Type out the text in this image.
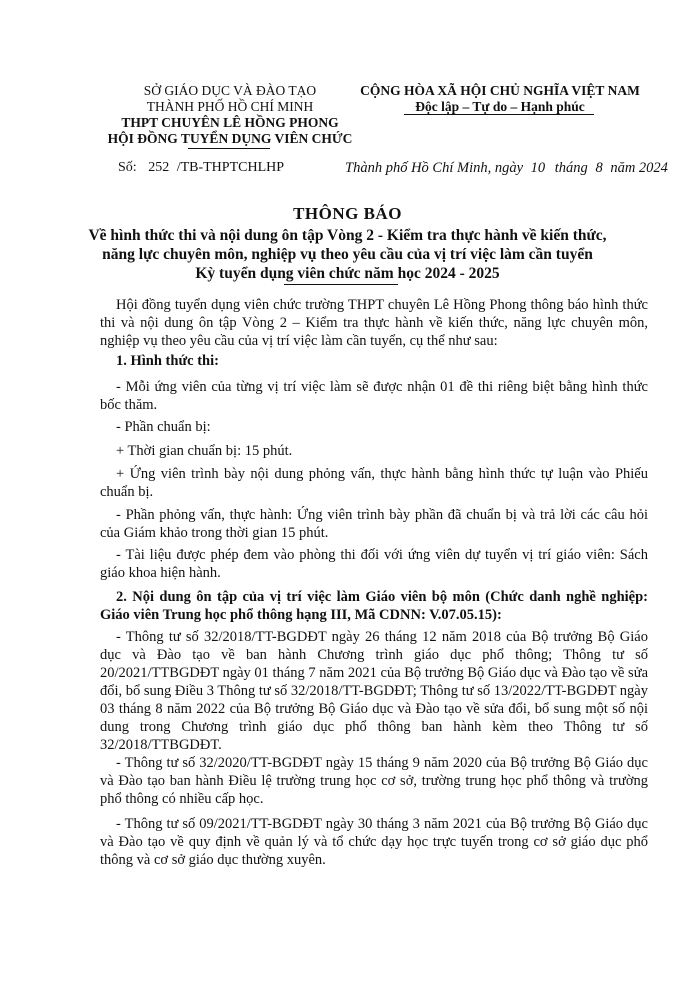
SỞ GIÁO DỤC VÀ ĐÀO TẠO
THÀNH PHỐ HỒ CHÍ MINH
THPT CHUYÊN LÊ HỒNG PHONG
HỘI ĐỒNG TUYỂN DỤNG VIÊN CHỨC
Số: 252 /TB-THPTCHLHP
CỘNG HÒA XÃ HỘI CHỦ NGHĨA VIỆT NAM
Độc lập – Tự do – Hạnh phúc
Thành phố Hồ Chí Minh, ngày 10 tháng 8 năm 2024
THÔNG BÁO
Về hình thức thi và nội dung ôn tập Vòng 2 - Kiểm tra thực hành về kiến thức,
năng lực chuyên môn, nghiệp vụ theo yêu cầu của vị trí việc làm cần tuyển
Kỳ tuyển dụng viên chức năm học 2024 - 2025
Hội đồng tuyển dụng viên chức trường THPT chuyên Lê Hồng Phong thông báo hình thức thi và nội dung ôn tập Vòng 2 – Kiểm tra thực hành về kiến thức, năng lực chuyên môn, nghiệp vụ theo yêu cầu của vị trí việc làm cần tuyển, cụ thể như sau:
1. Hình thức thi:
- Mỗi ứng viên của từng vị trí việc làm sẽ được nhận 01 đề thi riêng biệt bằng hình thức bốc thăm.
- Phần chuẩn bị:
+ Thời gian chuẩn bị: 15 phút.
+ Ứng viên trình bày nội dung phỏng vấn, thực hành bằng hình thức tự luận vào Phiếu chuẩn bị.
- Phần phỏng vấn, thực hành: Ứng viên trình bày phần đã chuẩn bị và trả lời các câu hỏi của Giám khảo trong thời gian 15 phút.
- Tài liệu được phép đem vào phòng thi đối với ứng viên dự tuyển vị trí giáo viên: Sách giáo khoa hiện hành.
2. Nội dung ôn tập của vị trí việc làm Giáo viên bộ môn (Chức danh nghề nghiệp: Giáo viên Trung học phổ thông hạng III, Mã CDNN: V.07.05.15):
- Thông tư số 32/2018/TT-BGDĐT ngày 26 tháng 12 năm 2018 của Bộ trưởng Bộ Giáo dục và Đào tạo về ban hành Chương trình giáo dục phổ thông; Thông tư số 20/2021/TTBGDĐT ngày 01 tháng 7 năm 2021 của Bộ trưởng Bộ Giáo dục và Đào tạo về sửa đổi, bổ sung Điều 3 Thông tư số 32/2018/TT-BGDĐT; Thông tư số 13/2022/TT-BGDĐT ngày 03 tháng 8 năm 2022 của Bộ trưởng Bộ Giáo dục và Đào tạo về sửa đổi, bổ sung một số nội dung trong Chương trình giáo dục phổ thông ban hành kèm theo Thông tư số 32/2018/TTBGDĐT.
- Thông tư số 32/2020/TT-BGDĐT ngày 15 tháng 9 năm 2020 của Bộ trưởng Bộ Giáo dục và Đào tạo ban hành Điều lệ trường trung học cơ sở, trường trung học phổ thông và trường phổ thông có nhiều cấp học.
- Thông tư số 09/2021/TT-BGDĐT ngày 30 tháng 3 năm 2021 của Bộ trưởng Bộ Giáo dục và Đào tạo về quy định về quản lý và tổ chức dạy học trực tuyến trong cơ sở giáo dục phổ thông và cơ sở giáo dục thường xuyên.
